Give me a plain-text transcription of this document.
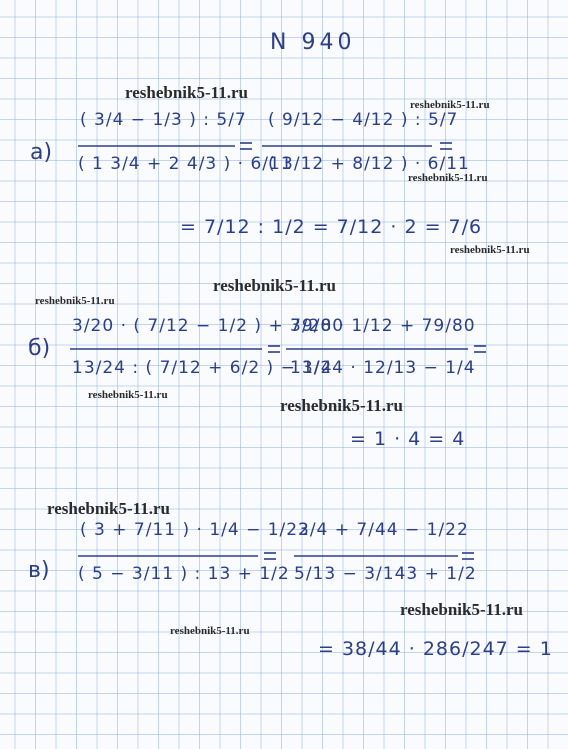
N 940
reshebnik5-11.ru
reshebnik5-11.ru
reshebnik5-11.ru
reshebnik5-11.ru
reshebnik5-11.ru
reshebnik5-11.ru
reshebnik5-11.ru
reshebnik5-11.ru
reshebnik5-11.ru
reshebnik5-11.ru
reshebnik5-11.ru
a)
( 3/4 − 1/3 ) : 5/7
( 1 3/4 + 2 4/3 ) · 6/11
( 9/12 − 4/12 ) : 5/7
( 3/12 + 8/12 ) · 6/11
= 7/12 : 1/2 = 7/12 · 2 = 7/6
б)
3/20 · ( 7/12 − 1/2 ) + 79/80
13/24 : ( 7/12 + 6/2 ) − 1/4
3/20 · 1/12 + 79/80
13/24 · 12/13 − 1/4
= 1 · 4 = 4
в)
( 3 + 7/11 ) · 1/4 − 1/22
( 5 − 3/11 ) : 13 + 1/2
3/4 + 7/44 − 1/22
5/13 − 3/143 + 1/2
= 38/44 · 286/247 = 1
